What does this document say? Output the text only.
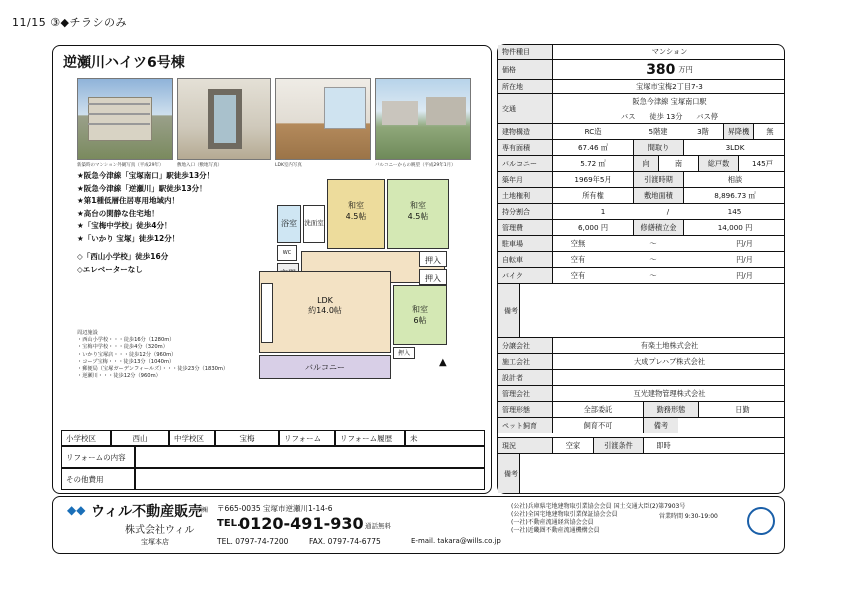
11/15 ③◆チラシのみ
逆瀬川ハイツ6号棟
新築時のマンション外観写真（平成29年）	敷地入口（敷地写真）	LDK室内写真	バルコニーからの眺望（平成29年1月）
★阪急今津線「宝塚南口」駅徒歩13分！
★阪急今津線「逆瀬川」駅徒歩13分！
★第1種低層住居専用地域内！
★高台の閑静な住宅地！
★「宝梅中学校」徒歩4分！
★「いかり 宝塚」徒歩12分！
◇「西山小学校」徒歩16分
◇エレベーターなし
周辺施設
・西山小学校・・・徒歩16分（1280m）
・宝梅中学校・・・徒歩4分（320m）
・いかり宝塚店・・・徒歩12分（960m）
・コープ宝梅・・・徒歩13分（1040m）
・郵便局（宝塚ガーデンフィールズ）・・・徒歩23分（1830m）
・逆瀬川・・・徒歩12分（960m）
和室
4.5帖
和室
4.5帖
浴室	洗面室
WC
押入
押入
LDK
約14.0帖	和室
6帖
押入
バルコニー	▲
小学校区	西山	中学校区	宝梅	リフォーム	リフォーム履歴	未
リフォームの内容
その他費用
物件種目	マンション
価格	380 万円
所在地	宝塚市宝梅2丁目7-3
交通
阪急今津線 宝塚南口駅
バス 徒歩 13分 バス停
建物構造	RC造	5階建	3階	昇降機	無
専有面積	67.46 ㎡	間取り	3LDK
バルコニー	5.72 ㎡	向	南	総戸数	145戸
築年月	1969年5月	引渡時期	相談
土地権利	所有権	敷地面積	8,896.73 ㎡
持分割合	1	/	145
管理費	6,000 円	修繕積立金	14,000 円
駐車場	空無	～	円/月
自転車	空有	～	円/月
バイク	空有	～	円/月
備考
分譲会社	有楽土地株式会社
施工会社	大成プレハブ株式会社
設計者
管理会社	互光建物管理株式会社
管理形態	全部委託	勤務形態	日勤
ペット飼育	飼育不可	備考
現況	空家	引渡条件	即時
備考
◆◆ ウィル不動産販売
㈱
株式会社ウィル
宝塚本店
〒665-0035 宝塚市逆瀬川1-14-6
TEL.
0120-491-930 通話無料
TEL. 0797-74-7200	FAX. 0797-74-6775	E-mail. takara@wills.co.jp
(公社)兵庫県宅地建物取引業協会会員 国土交通大臣(2)第7903号
(公社)全国宅地建物取引業保証協会会員
(一社)不動産流通経営協会会員
(一社)近畿圏不動産流通機構会員
営業時間 9:30-19:00
